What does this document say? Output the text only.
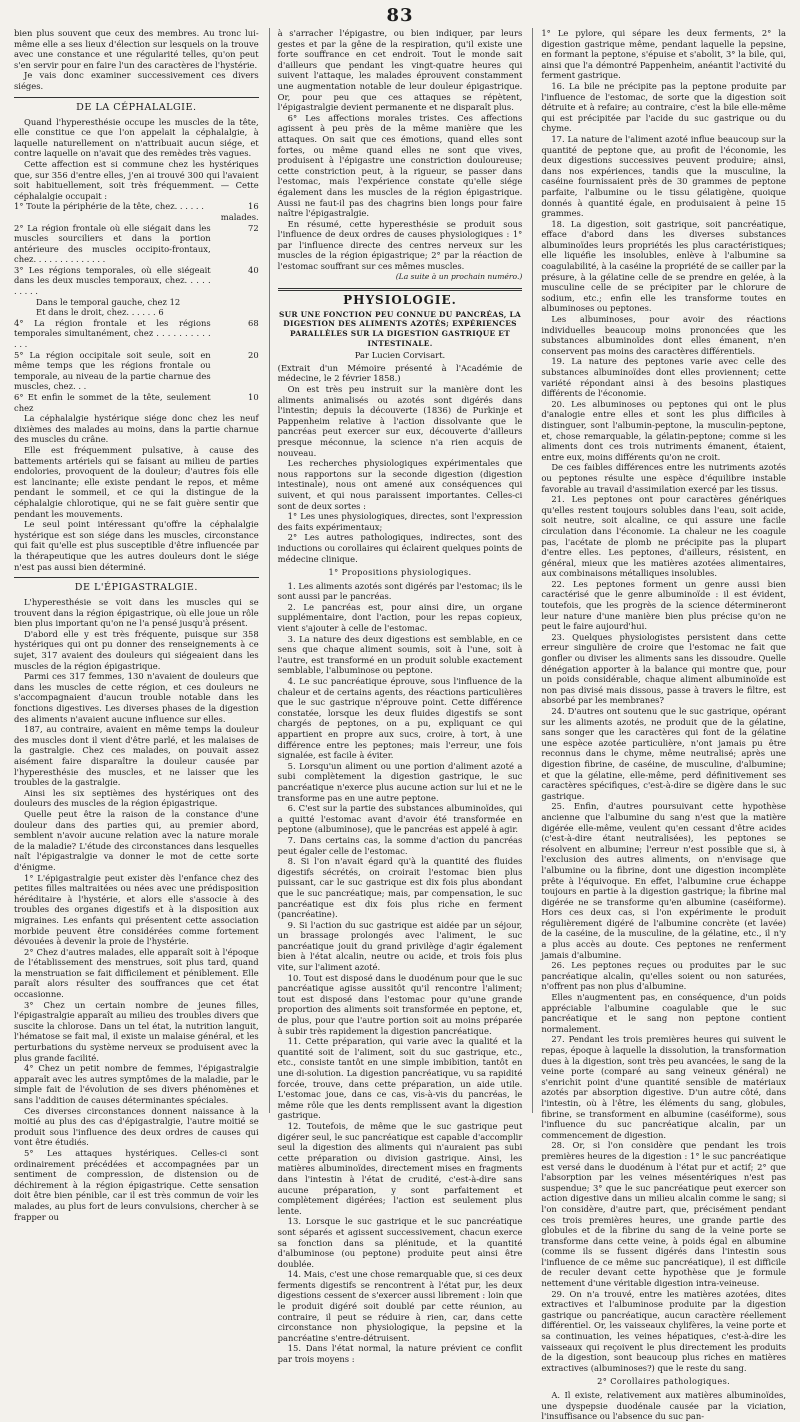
83

bien plus souvent que ceux des membres. Au tronc lui-même elle a ses lieux d'élection sur lesquels on la trouve avec une constance et une régularité telles, qu'on peut s'en servir pour en faire l'un des caractères de l'hystérie.

Je vais donc examiner successivement ces divers siéges.

DE LA CÉPHALALGIE.

Quand l'hyperesthésie occupe les muscles de la tête, elle constitue ce que l'on appelait la céphalalgie, à laquelle naturellement on n'attribuait aucun siége, et contre laquelle on n'avait que des remèdes très vagues.

Cette affection est si commune chez les hystériques que, sur 356 d'entre elles, j'en ai trouvé 300 qui l'avaient soit habituellement, soit très fréquemment. — Cette céphalalgie occupait :

1° Toute la périphérie de la tête, chez. . . . . .	16 malades.
2° La région frontale où elle siégait dans les muscles sourciliers et dans la portion antérieure des muscles occipito-frontaux, chez. . . . . . . . . . . . . .
72
3° Les régions temporales, où elle siégeait dans les deux muscles temporaux, chez. . . . . . . . . .
40
Dans le temporal gauche, chez 12
Et dans le droit, chez. . . . . . 6
4° La région frontale et les régions temporales simultanément, chez . . . . . . . . . . . . .
68
5° La région occipitale soit seule, soit en même temps que les régions frontale ou temporale, au niveau de la partie charnue des muscles, chez. . .
20
6° Et enfin le sommet de la tête, seulement chez
10

La céphalalgie hystérique siége donc chez les neuf dixièmes des malades au moins, dans la partie charnue des muscles du crâne.

Elle est fréquemment pulsative, à cause des battements artériels qui se faisant au milieu de parties endolories, provoquent de la douleur; d'autres fois elle est lancinante; elle existe pendant le repos, et même pendant le sommeil, et ce qui la distingue de la céphalalgie chlorotique, qui ne se fait guère sentir que pendant les mouvements.

Le seul point intéressant qu'offre la céphalalgie hystérique est son siége dans les muscles, circonstance qui fait qu'elle est plus susceptible d'être influencée par la thérapeutique que les autres douleurs dont le siége n'est pas aussi bien déterminé.

DE L'ÉPIGASTRALGIE.

L'hyperesthésie se voit dans les muscles qui se trouvent dans la région épigastrique, où elle joue un rôle bien plus important qu'on ne l'a pensé jusqu'à présent.

D'abord elle y est très fréquente, puisque sur 358 hystériques qui ont pu donner des renseignements à ce sujet, 317 avaient des douleurs qui siégeaient dans les muscles de la région épigastrique.

Parmi ces 317 femmes, 130 n'avaient de douleurs que dans les muscles de cette région, et ces douleurs ne s'accompagnaient d'aucun trouble notable dans les fonctions digestives. Les diverses phases de la digestion des aliments n'avaient aucune influence sur elles.

187, au contraire, avaient en même temps la douleur des muscles dont il vient d'être parlé, et les malaises de la gastralgie. Chez ces malades, on pouvait assez aisément faire disparaître la douleur causée par l'hyperesthésie des muscles, et ne laisser que les troubles de la gastralgie.

Ainsi les six septièmes des hystériques ont des douleurs des muscles de la région épigastrique.

Quelle peut être la raison de la constance d'une douleur dans des parties qui, au premier abord, semblent n'avoir aucune relation avec la nature morale de la maladie? L'étude des circonstances dans lesquelles naît l'épigastralgie va donner le mot de cette sorte d'énigme.

1° L'épigastralgie peut exister dès l'enfance chez des petites filles maltraitées ou nées avec une prédisposition héréditaire à l'hystérie, et alors elle s'associe à des troubles des organes digestifs et à la disposition aux migraines. Les enfants qui présentent cette association morbide peuvent être considérées comme fortement dévouées à devenir la proie de l'hystérie.

2° Chez d'autres malades, elle apparaît soit à l'époque de l'établissement des menstrues, soit plus tard, quand la menstruation se fait difficilement et péniblement. Elle paraît alors résulter des souffrances que cet état occasionne.

3° Chez un certain nombre de jeunes filles, l'épigastralgie apparaît au milieu des troubles divers que suscite la chlorose. Dans un tel état, la nutrition languit, l'hématose se fait mal, il existe un malaise général, et les perturbations du système nerveux se produisent avec la plus grande facilité.

4° Chez un petit nombre de femmes, l'épigastralgie apparaît avec les autres symptômes de la maladie, par le simple fait de l'évolution de ses divers phénomènes et sans l'addition de causes déterminantes spéciales.

Ces diverses circonstances donnent naissance à la moitié au plus des cas d'épigastralgie, l'autre moitié se produit sous l'influence des deux ordres de causes qui vont être étudiés.

5° Les attaques hystériques. Celles-ci sont ordinairement précédées et accompagnées par un sentiment de compression, de distension ou de déchirement à la région épigastrique. Cette sensation doit être bien pénible, car il est très commun de voir les malades, au plus fort de leurs convulsions, chercher à se frapper ou

à s'arracher l'épigastre, ou bien indiquer, par leurs gestes et par la gêne de la respiration, qu'il existe une forte souffrance en cet endroit. Tout le monde sait d'ailleurs que pendant les vingt-quatre heures qui suivent l'attaque, les malades éprouvent constamment une augmentation notable de leur douleur épigastrique. Or, pour peu que ces attaques se répètent, l'épigastralgie devient permanente et ne disparaît plus.

6° Les affections morales tristes. Ces affections agissent à peu près de la même manière que les attaques. On sait que ces émotions, quand elles sont fortes, ou même quand elles ne sont que vives, produisent à l'épigastre une constriction douloureuse; cette constriction peut, à la rigueur, se passer dans l'estomac, mais l'expérience constate qu'elle siége également dans les muscles de la région épigastrique. Aussi ne faut-il pas des chagrins bien longs pour faire naître l'épigastralgie.

En résumé, cette hyperesthésie se produit sous l'influence de deux ordres de causes physiologiques : 1° par l'influence directe des centres nerveux sur les muscles de la région épigastrique; 2° par la réaction de l'estomac souffrant sur ces mêmes muscles.

(La suite à un prochain numéro.)
PHYSIOLOGIE.
SUR UNE FONCTION PEU CONNUE DU PANCRÉAS, LA DIGESTION DES ALIMENTS AZOTÉS; EXPÉRIENCES PARALLÈLES SUR LA DIGESTION GASTRIQUE ET INTESTINALE.
Par Lucien Corvisart.

(Extrait d'un Mémoire présenté à l'Académie de médecine, le 2 février 1858.)

On est très peu instruit sur la manière dont les aliments animalisés ou azotés sont digérés dans l'intestin; depuis la découverte (1836) de Purkinje et Pappenheim relative à l'action dissolvante que le pancréas peut exercer sur eux, découverte d'ailleurs presque méconnue, la science n'a rien acquis de nouveau.

Les recherches physiologiques expérimentales que nous rapportons sur la seconde digestion (digestion intestinale), nous ont amené aux conséquences qui suivent, et qui nous paraissent importantes. Celles-ci sont de deux sortes :

1° Les unes physiologiques, directes, sont l'expression des faits expérimentaux;

2° Les autres pathologiques, indirectes, sont des inductions ou corollaires qui éclairent quelques points de médecine clinique.

1° Propositions physiologiques.

1. Les aliments azotés sont digérés par l'estomac; ils le sont aussi par le pancréas.

2. Le pancréas est, pour ainsi dire, un organe supplémentaire, dont l'action, pour les repas copieux, vient s'ajouter à celle de l'estomac.

3. La nature des deux digestions est semblable, en ce sens que chaque aliment soumis, soit à l'une, soit à l'autre, est transformé en un produit soluble exactement semblable, l'albuminose ou peptone.

4. Le suc pancréatique éprouve, sous l'influence de la chaleur et de certains agents, des réactions particulières que le suc gastrique n'éprouve point. Cette différence constatée, lorsque les deux fluides digestifs se sont chargés de peptones, on a pu, expliquant ce qui appartient en propre aux sucs, croire, à tort, à une différence entre les peptones; mais l'erreur, une fois signalée, est facile à éviter.

5. Lorsqu'un aliment ou une portion d'aliment azoté a subi complètement la digestion gastrique, le suc pancréatique n'exerce plus aucune action sur lui et ne le transforme pas en une autre peptone.

6. C'est sur la partie des substances albuminoïdes, qui a quitté l'estomac avant d'avoir été transformée en peptone (albuminose), que le pancréas est appelé à agir.

7. Dans certains cas, la somme d'action du pancréas peut égaler celle de l'estomac.

8. Si l'on n'avait égard qu'à la quantité des fluides digestifs sécrétés, on croirait l'estomac bien plus puissant, car le suc gastrique est dix fois plus abondant que le suc pancréatique; mais, par compensation, le suc pancréatique est dix fois plus riche en ferment (pancréatine).

9. Si l'action du suc gastrique est aidée par un séjour, un brassage prolongés avec l'aliment, le suc pancréatique jouit du grand privilège d'agir également bien à l'état alcalin, neutre ou acide, et trois fois plus vite, sur l'aliment azoté.

10. Tout est disposé dans le duodénum pour que le suc pancréatique agisse aussitôt qu'il rencontre l'aliment; tout est disposé dans l'estomac pour qu'une grande proportion des aliments soit transformée en peptone, et, de plus, pour que l'autre portion soit au moins préparée à subir très rapidement la digestion pancréatique.

11. Cette préparation, qui varie avec la qualité et la quantité soit de l'aliment, soit du suc gastrique, etc., etc., consiste tantôt en une simple imbibition, tantôt en une di-solution. La digestion pancréatique, vu sa rapidité forcée, trouve, dans cette préparation, un aide utile. L'estomac joue, dans ce cas, vis-à-vis du pancréas, le même rôle que les dents remplissent avant la digestion gastrique.

12. Toutefois, de même que le suc gastrique peut digérer seul, le suc pancréatique est capable d'accomplir seul la digestion des aliments qui n'auraient pas subi cette préparation ou division gastrique. Ainsi, les matières albuminoïdes, directement mises en fragments dans l'intestin à l'état de crudité, c'est-à-dire sans aucune préparation, y sont parfaitement et complètement digérées; l'action est seulement plus lente.

13. Lorsque le suc gastrique et le suc pancréatique sont séparés et agissent successivement, chacun exerce sa fonction dans sa plénitude, et la quantité d'albuminose (ou peptone) produite peut ainsi être doublée.

14. Mais, c'est une chose remarquable que, si ces deux ferments digestifs se rencontrent à l'état pur, les deux digestions cessent de s'exercer aussi librement : loin que le produit digéré soit doublé par cette réunion, au contraire, il peut se réduire à rien, car, dans cette circonstance non physiologique, la pepsine et la pancréatine s'entre-détruisent.

15. Dans l'état normal, la nature prévient ce conflit par trois moyens :

1° Le pylore, qui sépare les deux ferments, 2° la digestion gastrique même, pendant laquelle la pepsine, en formant la peptone, s'épuise et s'abolit, 3° la bile, qui, ainsi que l'a démontré Pappenheim, anéantit l'activité du ferment gastrique.

16. La bile ne précipite pas la peptone produite par l'influence de l'estomac, de sorte que la digestion soit détruite et à refaire; au contraire, c'est la bile elle-même qui est précipitée par l'acide du suc gastrique ou du chyme.

17. La nature de l'aliment azoté influe beaucoup sur la quantité de peptone que, au profit de l'économie, les deux digestions successives peuvent produire; ainsi, dans nos expériences, tandis que la musculine, la caséine fournissaient près de 30 grammes de peptone parfaite, l'albumine ou le tissu gélatigène, quoique donnés à quantité égale, en produisaient à peine 15 grammes.

18. La digestion, soit gastrique, soit pancréatique, efface d'abord dans les diverses substances albuminoïdes leurs propriétés les plus caractéristiques; elle liquéfie les insolubles, enlève à l'albumine sa coagulabilité, à la caséine la propriété de se cailler par la présure, à la gélatine celle de se prendre en gelée, à la musculine celle de se précipiter par le chlorure de sodium, etc.; enfin elle les transforme toutes en albuminoses ou peptones.

Les albuminoses, pour avoir des réactions individuelles beaucoup moins prononcées que les substances albuminoïdes dont elles émanent, n'en conservent pas moins des caractères différentiels.

19. La nature des peptones varie avec celle des substances albuminoïdes dont elles proviennent; cette variété répondant ainsi à des besoins plastiques différents de l'économie.

20. Les albuminoses ou peptones qui ont le plus d'analogie entre elles et sont les plus difficiles à distinguer, sont l'albumin-peptone, la musculin-peptone, et, chose remarquable, la gélatin-peptone; comme si les aliments dont ces trois nutriments émanent, étaient, entre eux, moins différents qu'on ne croit.

De ces faibles différences entre les nutriments azotés ou peptones résulte une espèce d'équilibre instable favorable au travail d'assimilation exercé par les tissus.

21. Les peptones ont pour caractères génériques qu'elles restent toujours solubles dans l'eau, soit acide, soit neutre, soit alcaline, ce qui assure une facile circulation dans l'économie. La chaleur ne les coagule pas, l'acétate de plomb ne précipite pas la plupart d'entre elles. Les peptones, d'ailleurs, résistent, en général, mieux que les matières azotées alimentaires, aux combinaisons métalliques insolubles.

22. Les peptones forment un genre aussi bien caractérisé que le genre albuminoïde : il est évident, toutefois, que les progrès de la science détermineront leur nature d'une manière bien plus précise qu'on ne peut le faire aujourd'hui.

23. Quelques physiologistes persistent dans cette erreur singulière de croire que l'estomac ne fait que gonfler ou diviser les aliments sans les dissoudre. Quelle dénégation apporter à la balance qui montre que, pour un poids considérable, chaque aliment albuminoïde est non pas divisé mais dissous, passe à travers le filtre, est absorbé par les membranes?

24. D'autres ont soutenu que le suc gastrique, opérant sur les aliments azotés, ne produit que de la gélatine, sans songer que les caractères qui font de la gélatine une espèce azotée particulière, n'ont jamais pu être reconnus dans le chyme, même neutralisé; après une digestion fibrine, de caséine, de musculine, d'albumine; et que la gélatine, elle-même, perd définitivement ses caractères spécifiques, c'est-à-dire se digère dans le suc gastrique.

25. Enfin, d'autres poursuivant cette hypothèse ancienne que l'albumine du sang n'est que la matière digérée elle-même, veulent qu'en cessant d'être acides (c'est-à-dire étant neutralisées), les peptones se résolvent en albumine; l'erreur n'est possible que si, à l'exclusion des autres aliments, on n'envisage que l'albumine ou la fibrine, dont une digestion incomplète prête à l'équivoque. En effet, l'albumine crue échappe toujours en partie à la digestion gastrique; la fibrine mal digérée ne se transforme qu'en albumine (caséiforme). Hors ces deux cas, si l'on expérimente le produit régulièrement digéré de l'albumine concrète (et lavée) de la caséine, de la musculine, de la gélatine, etc., il n'y a plus accès au doute. Ces peptones ne renferment jamais d'albumine.

26. Les peptones reçues ou produites par le suc pancréatique alcalin, qu'elles soient ou non saturées, n'offrent pas non plus d'albumine.

Elles n'augmentent pas, en conséquence, d'un poids appréciable l'albumine coagulable que le suc pancréatique et le sang non peptone contient normalement.

27. Pendant les trois premières heures qui suivent le repas, époque à laquelle la dissolution, la transformation dues à la digestion, sont très peu avancées, le sang de la veine porte (comparé au sang veineux général) ne s'enrichit point d'une quantité sensible de matériaux azotés par absorption digestive. D'un autre côté, dans l'intestin, où à l'être, les éléments du sang, globules, fibrine, se transforment en albumine (caséiforme), sous l'influence du suc pancréatique alcalin, par un commencement de digestion.

28. Or, si l'on considère que pendant les trois premières heures de la digestion : 1° le suc pancréatique est versé dans le duodénum à l'état pur et actif; 2° que l'absorption par les veines mésentériques n'est pas suspendue; 3° que le suc pancréatique peut exercer son action digestive dans un milieu alcalin comme le sang; si l'on considère, d'autre part, que, précisément pendant ces trois premières heures, une grande partie des globules et de la fibrine du sang de la veine porte se transforme dans cette veine, à poids égal en albumine (comme ils se fussent digérés dans l'intestin sous l'influence de ce même suc pancréatique), il est difficile de reculer devant cette hypothèse que je formule nettement d'une véritable digestion intra-veineuse.

29. On n'a trouvé, entre les matières azotées, dites extractives et l'albuminose produite par la digestion gastrique ou pancréatique, aucun caractère réellement différentiel. Or, les vaisseaux chylifères, la veine porte et sa continuation, les veines hépatiques, c'est-à-dire les vaisseaux qui reçoivent le plus directement les produits de la digestion, sont beaucoup plus riches en matières extractives (albuminoses?) que le reste du sang.

2° Corollaires pathologiques.

A. Il existe, relativement aux matières albuminoïdes, une dyspepsie duodénale causée par la viciation, l'insuffisance ou l'absence du suc pan-
